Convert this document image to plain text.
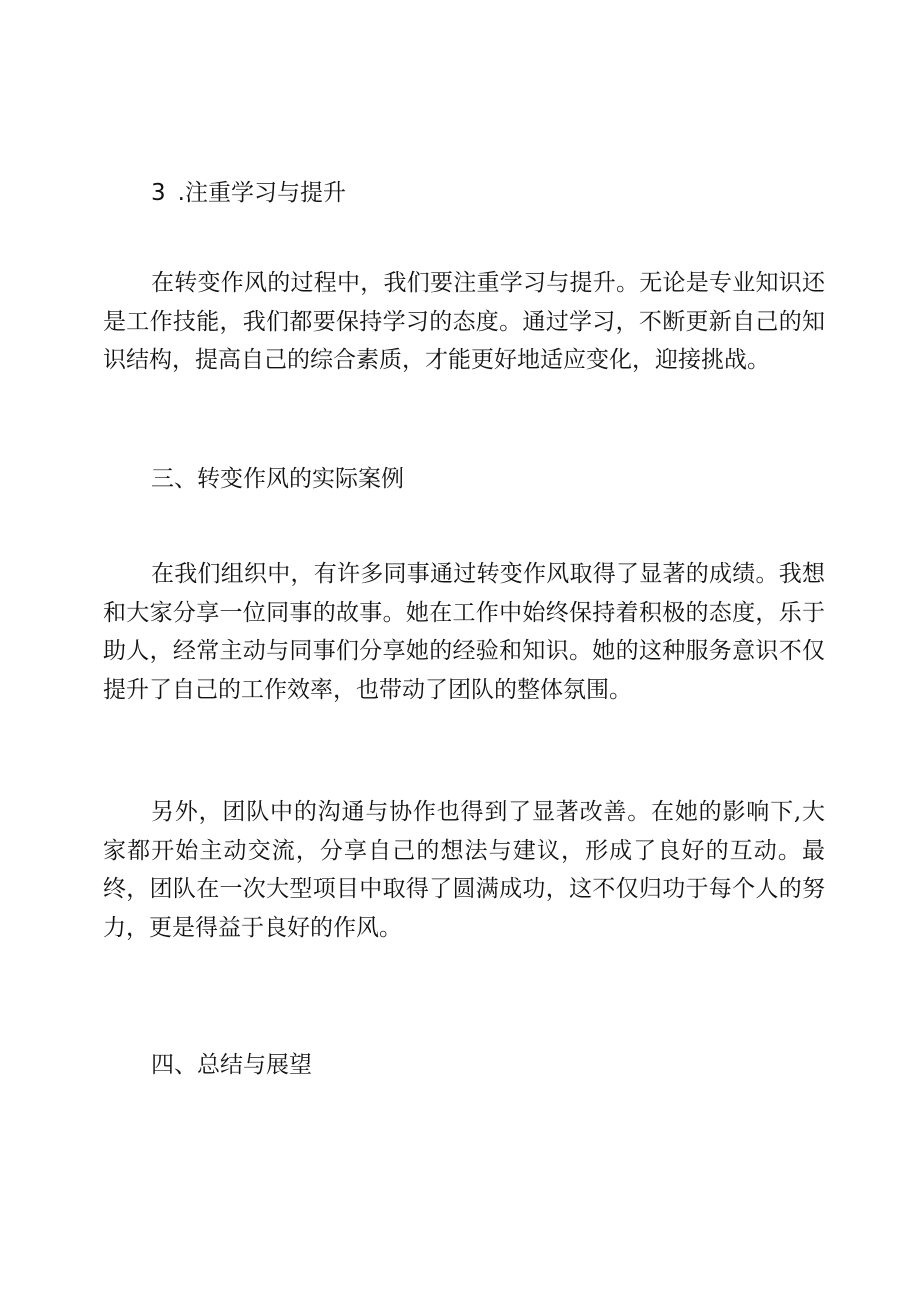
3 .注重学习与提升

在转变作风的过程中，我们要注重学习与提升。无论是专业知识还是工作技能，我们都要保持学习的态度。通过学习，不断更新自己的知识结构，提高自己的综合素质，才能更好地适应变化，迎接挑战。

三、转变作风的实际案例

在我们组织中，有许多同事通过转变作风取得了显著的成绩。我想和大家分享一位同事的故事。她在工作中始终保持着积极的态度，乐于助人，经常主动与同事们分享她的经验和知识。她的这种服务意识不仅提升了自己的工作效率，也带动了团队的整体氛围。

另外，团队中的沟通与协作也得到了显著改善。在她的影响下,大家都开始主动交流，分享自己的想法与建议，形成了良好的互动。最终，团队在一次大型项目中取得了圆满成功，这不仅归功于每个人的努力，更是得益于良好的作风。

四、总结与展望
